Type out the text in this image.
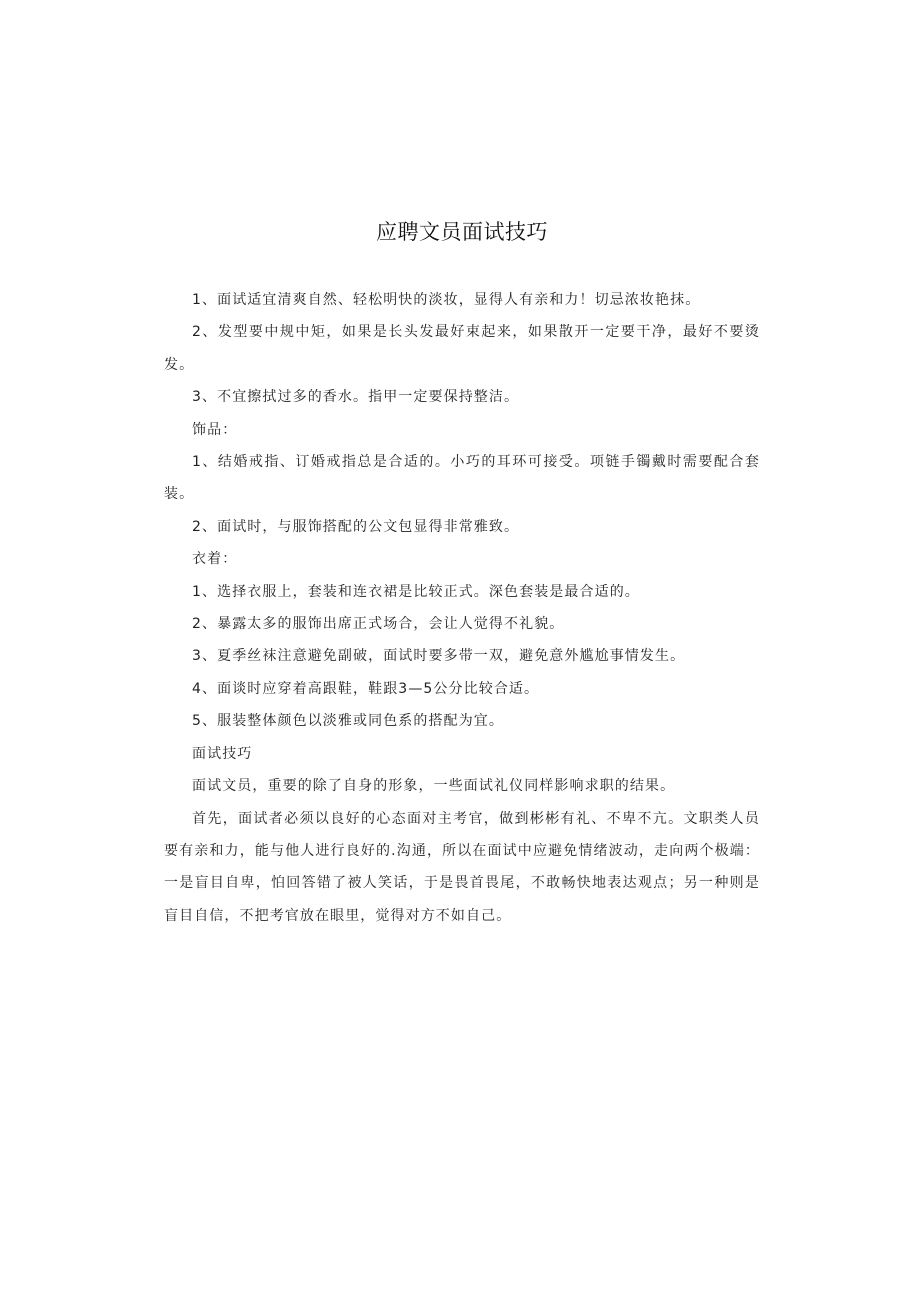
应聘文员面试技巧

1、面试适宜清爽自然、轻松明快的淡妆，显得人有亲和力！切忌浓妆艳抹。

2、发型要中规中矩，如果是长头发最好束起来，如果散开一定要干净，最好不要烫发。

3、不宜擦拭过多的香水。指甲一定要保持整洁。

饰品：

1、结婚戒指、订婚戒指总是合适的。小巧的耳环可接受。项链手镯戴时需要配合套装。

2、面试时，与服饰搭配的公文包显得非常雅致。

衣着：

1、选择衣服上，套装和连衣裙是比较正式。深色套装是最合适的。

2、暴露太多的服饰出席正式场合，会让人觉得不礼貌。

3、夏季丝袜注意避免副破，面试时要多带一双，避免意外尴尬事情发生。

4、面谈时应穿着高跟鞋，鞋跟3—5公分比较合适。

5、服装整体颜色以淡雅或同色系的搭配为宜。

面试技巧

面试文员，重要的除了自身的形象，一些面试礼仪同样影响求职的结果。

首先，面试者必须以良好的心态面对主考官，做到彬彬有礼、不卑不亢。文职类人员要有亲和力，能与他人进行良好的.沟通，所以在面试中应避免情绪波动，走向两个极端：一是盲目自卑，怕回答错了被人笑话，于是畏首畏尾，不敢畅快地表达观点；另一种则是盲目自信，不把考官放在眼里，觉得对方不如自己。
